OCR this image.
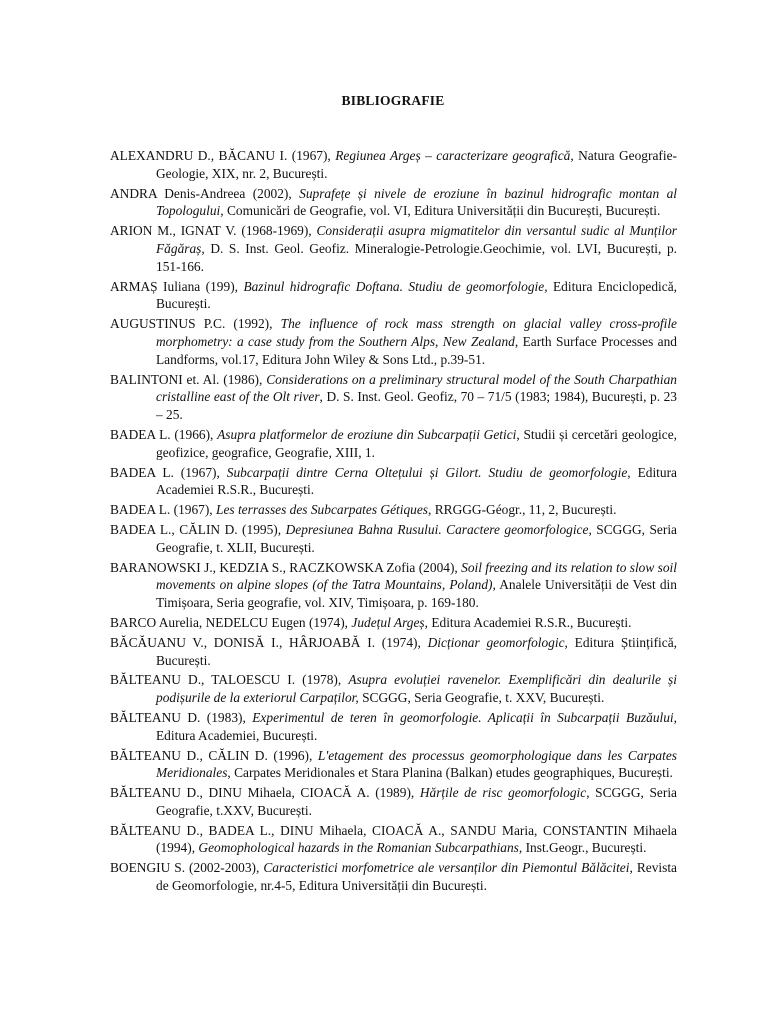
BIBLIOGRAFIE

ALEXANDRU D., BĂCANU I. (1967), Regiunea Argeș – caracterizare geografică, Natura Geografie-Geologie, XIX, nr. 2, București.

ANDRA Denis-Andreea (2002), Suprafețe și nivele de eroziune în bazinul hidrografic montan al Topologului, Comunicări de Geografie, vol. VI, Editura Universității din București, București.

ARION M., IGNAT V. (1968-1969), Considerații asupra migmatitelor din versantul sudic al Munților Făgăraș, D. S. Inst. Geol. Geofiz. Mineralogie-Petrologie.Geochimie, vol. LVI, București, p. 151-166.

ARMAȘ Iuliana (199), Bazinul hidrografic Doftana. Studiu de geomorfologie, Editura Enciclopedică, București.

AUGUSTINUS P.C. (1992), The influence of rock mass strength on glacial valley cross-profile morphometry: a case study from the Southern Alps, New Zealand, Earth Surface Processes and Landforms, vol.17, Editura John Wiley & Sons Ltd., p.39-51.

BALINTONI et. Al. (1986), Considerations on a preliminary structural model of the South Charpathian cristalline east of the Olt river, D. S. Inst. Geol. Geofiz, 70 – 71/5 (1983; 1984), București, p. 23 – 25.

BADEA L. (1966), Asupra platformelor de eroziune din Subcarpații Getici, Studii și cercetări geologice, geofizice, geografice, Geografie, XIII, 1.

BADEA L. (1967), Subcarpații dintre Cerna Oltețului și Gilort. Studiu de geomorfologie, Editura Academiei R.S.R., București.

BADEA L. (1967), Les terrasses des Subcarpates Gétiques, RRGGG-Géogr., 11, 2, București.

BADEA L., CĂLIN D. (1995), Depresiunea Bahna Rusului. Caractere geomorfologice, SCGGG, Seria Geografie, t. XLII, București.

BARANOWSKI J., KEDZIA S., RACZKOWSKA Zofia (2004), Soil freezing and its relation to slow soil movements on alpine slopes (of the Tatra Mountains, Poland), Analele Universității de Vest din Timișoara, Seria geografie, vol. XIV, Timișoara, p. 169-180.

BARCO Aurelia, NEDELCU Eugen (1974), Județul Argeș, Editura Academiei R.S.R., București.

BĂCĂUANU V., DONISĂ I., HÂRJOABĂ I. (1974), Dicționar geomorfologic, Editura Științifică, București.

BĂLTEANU D., TALOESCU I. (1978), Asupra evoluției ravenelor. Exemplificări din dealurile și podișurile de la exteriorul Carpaților, SCGGG, Seria Geografie, t. XXV, București.

BĂLTEANU D. (1983), Experimentul de teren în geomorfologie. Aplicații în Subcarpații Buzăului, Editura Academiei, București.

BĂLTEANU D., CĂLIN D. (1996), L'etagement des processus geomorphologique dans les Carpates Meridionales, Carpates Meridionales et Stara Planina (Balkan) etudes geographiques, București.

BĂLTEANU D., DINU Mihaela, CIOACĂ A. (1989), Hărțile de risc geomorfologic, SCGGG, Seria Geografie, t.XXV, București.

BĂLTEANU D., BADEA L., DINU Mihaela, CIOACĂ A., SANDU Maria, CONSTANTIN Mihaela (1994), Geomophological hazards in the Romanian Subcarpathians, Inst.Geogr., București.

BOENGIU S. (2002-2003), Caracteristici morfometrice ale versanților din Piemontul Bălăcitei, Revista de Geomorfologie, nr.4-5, Editura Universității din București.
